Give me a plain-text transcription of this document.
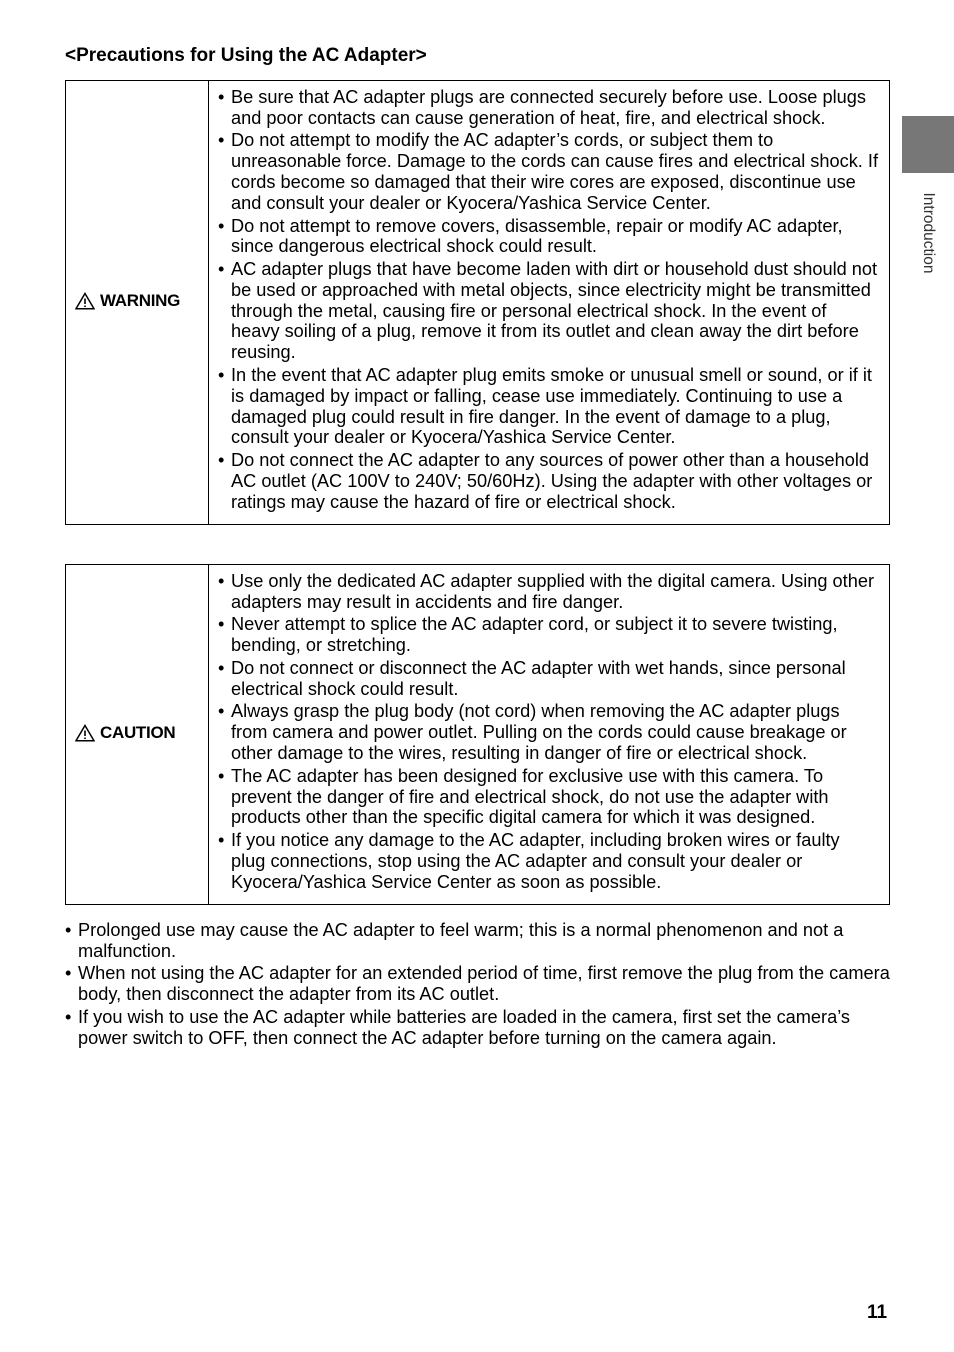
<Precautions for Using the AC Adapter>
WARNING

• Be sure that AC adapter plugs are connected securely before use. Loose plugs and poor contacts can cause generation of heat, fire, and electrical shock.
• Do not attempt to modify the AC adapter’s cords, or subject them to unreasonable force. Damage to the cords can cause fires and electrical shock. If cords become so damaged that their wire cores are exposed, discontinue use and consult your dealer or Kyocera/Yashica Service Center.
• Do not attempt to remove covers, disassemble, repair or modify AC adapter, since dangerous electrical shock could result.
• AC adapter plugs that have become laden with dirt or household dust should not be used or approached with metal objects, since electricity might be transmitted through the metal, causing fire or personal electrical shock. In the event of heavy soiling of a plug, remove it from its outlet and clean away the dirt before reusing.
• In the event that AC adapter plug emits smoke or unusual smell or sound, or if it is damaged by impact or falling, cease use immediately. Continuing to use a damaged plug could result in fire danger. In the event of damage to a plug, consult your dealer or Kyocera/Yashica Service Center.
• Do not connect the AC adapter to any sources of power other than a household AC outlet (AC 100V to 240V; 50/60Hz). Using the adapter with other voltages or ratings may cause the hazard of fire or electrical shock.
CAUTION

• Use only the dedicated AC adapter supplied with the digital camera. Using other adapters may result in accidents and fire danger.
• Never attempt to splice the AC adapter cord, or subject it to severe twisting, bending, or stretching.
• Do not connect or disconnect the AC adapter with wet hands, since personal electrical shock could result.
• Always grasp the plug body (not cord) when removing the AC adapter plugs from camera and power outlet. Pulling on the cords could cause breakage or other damage to the wires, resulting in danger of fire or electrical shock.
• The AC adapter has been designed for exclusive use with this camera. To prevent the danger of fire and electrical shock, do not use the adapter with products other than the specific digital camera for which it was designed.
• If you notice any damage to the AC adapter, including broken wires or faulty plug connections, stop using the AC adapter and consult your dealer or Kyocera/Yashica Service Center as soon as possible.
• Prolonged use may cause the AC adapter to feel warm; this is a normal phenomenon and not a malfunction.
• When not using the AC adapter for an extended period of time, first remove the plug from the camera body, then disconnect the adapter from its AC outlet.
• If you wish to use the AC adapter while batteries are loaded in the camera, first set the camera’s power switch to OFF, then connect the AC adapter before turning on the camera again.
Introduction
11
